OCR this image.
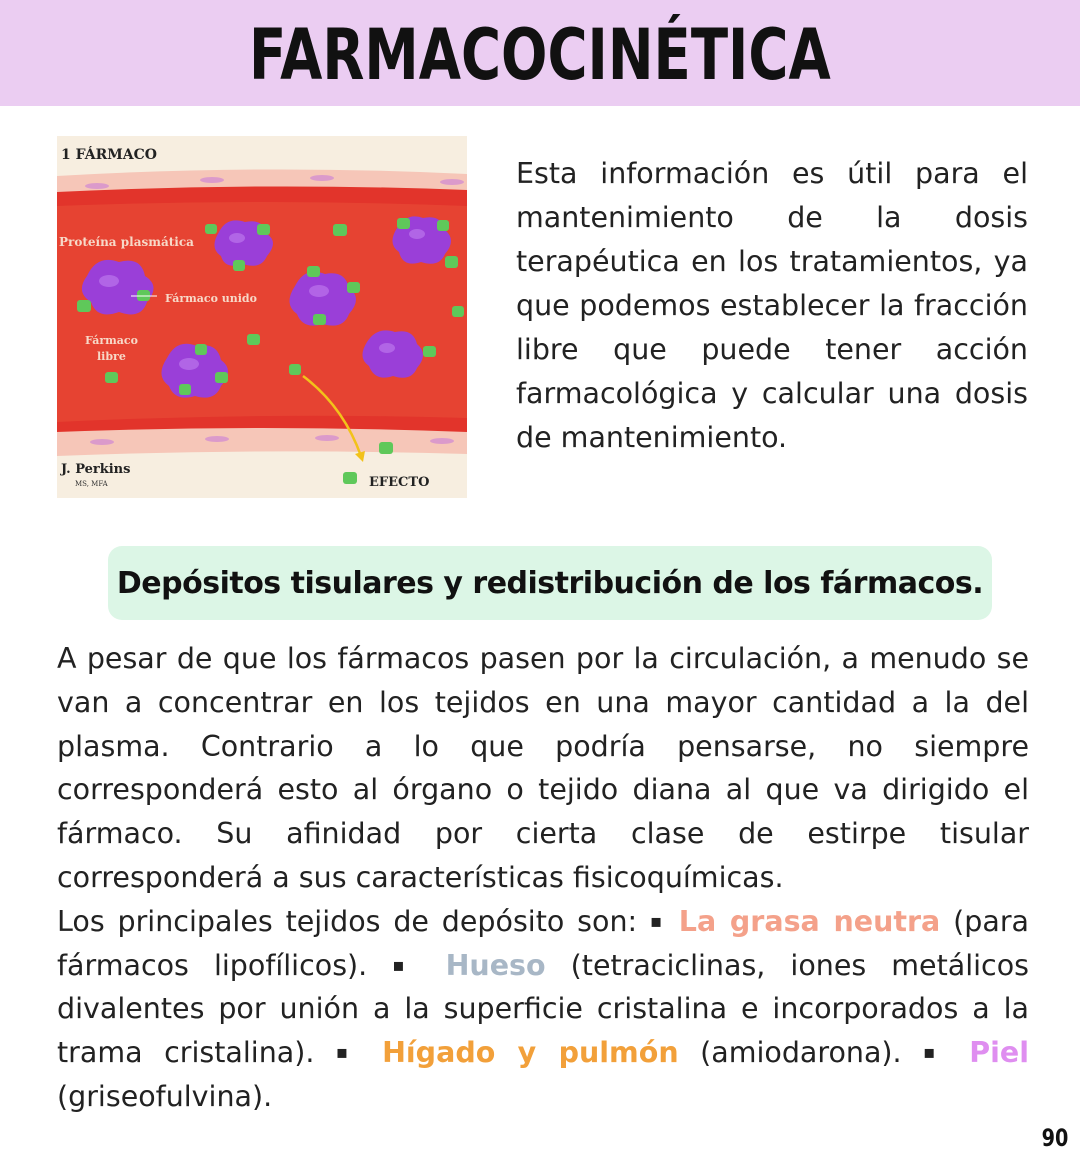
FARMACOCINÉTICA
1 FÁRMACO
Proteína plasmática
Fármaco unido
Fármaco
libre
J. Perkins
MS, MFA	EFECTO
Esta información es útil para el mantenimiento de la dosis terapéutica en los tratamientos, ya que podemos establecer la fracción libre que puede tener acción farmacológica y calcular una dosis de mantenimiento.
Depósitos tisulares y redistribución de los fármacos.

A pesar de que los fármacos pasen por la circulación, a menudo se van a concentrar en los tejidos en una mayor cantidad a la del plasma. Contrario a lo que podría pensarse, no siempre corresponderá esto al órgano o tejido diana al que va dirigido el fármaco. Su afinidad por cierta clase de estirpe tisular corresponderá a sus características fisicoquímicas.

Los principales tejidos de depósito son: ▪ La grasa neutra (para fármacos lipofílicos). ▪ Hueso (tetraciclinas, iones metálicos divalentes por unión a la superficie cristalina e incorporados a la trama cristalina). ▪ Hígado y pulmón (amiodarona). ▪ Piel (griseofulvina).

90
